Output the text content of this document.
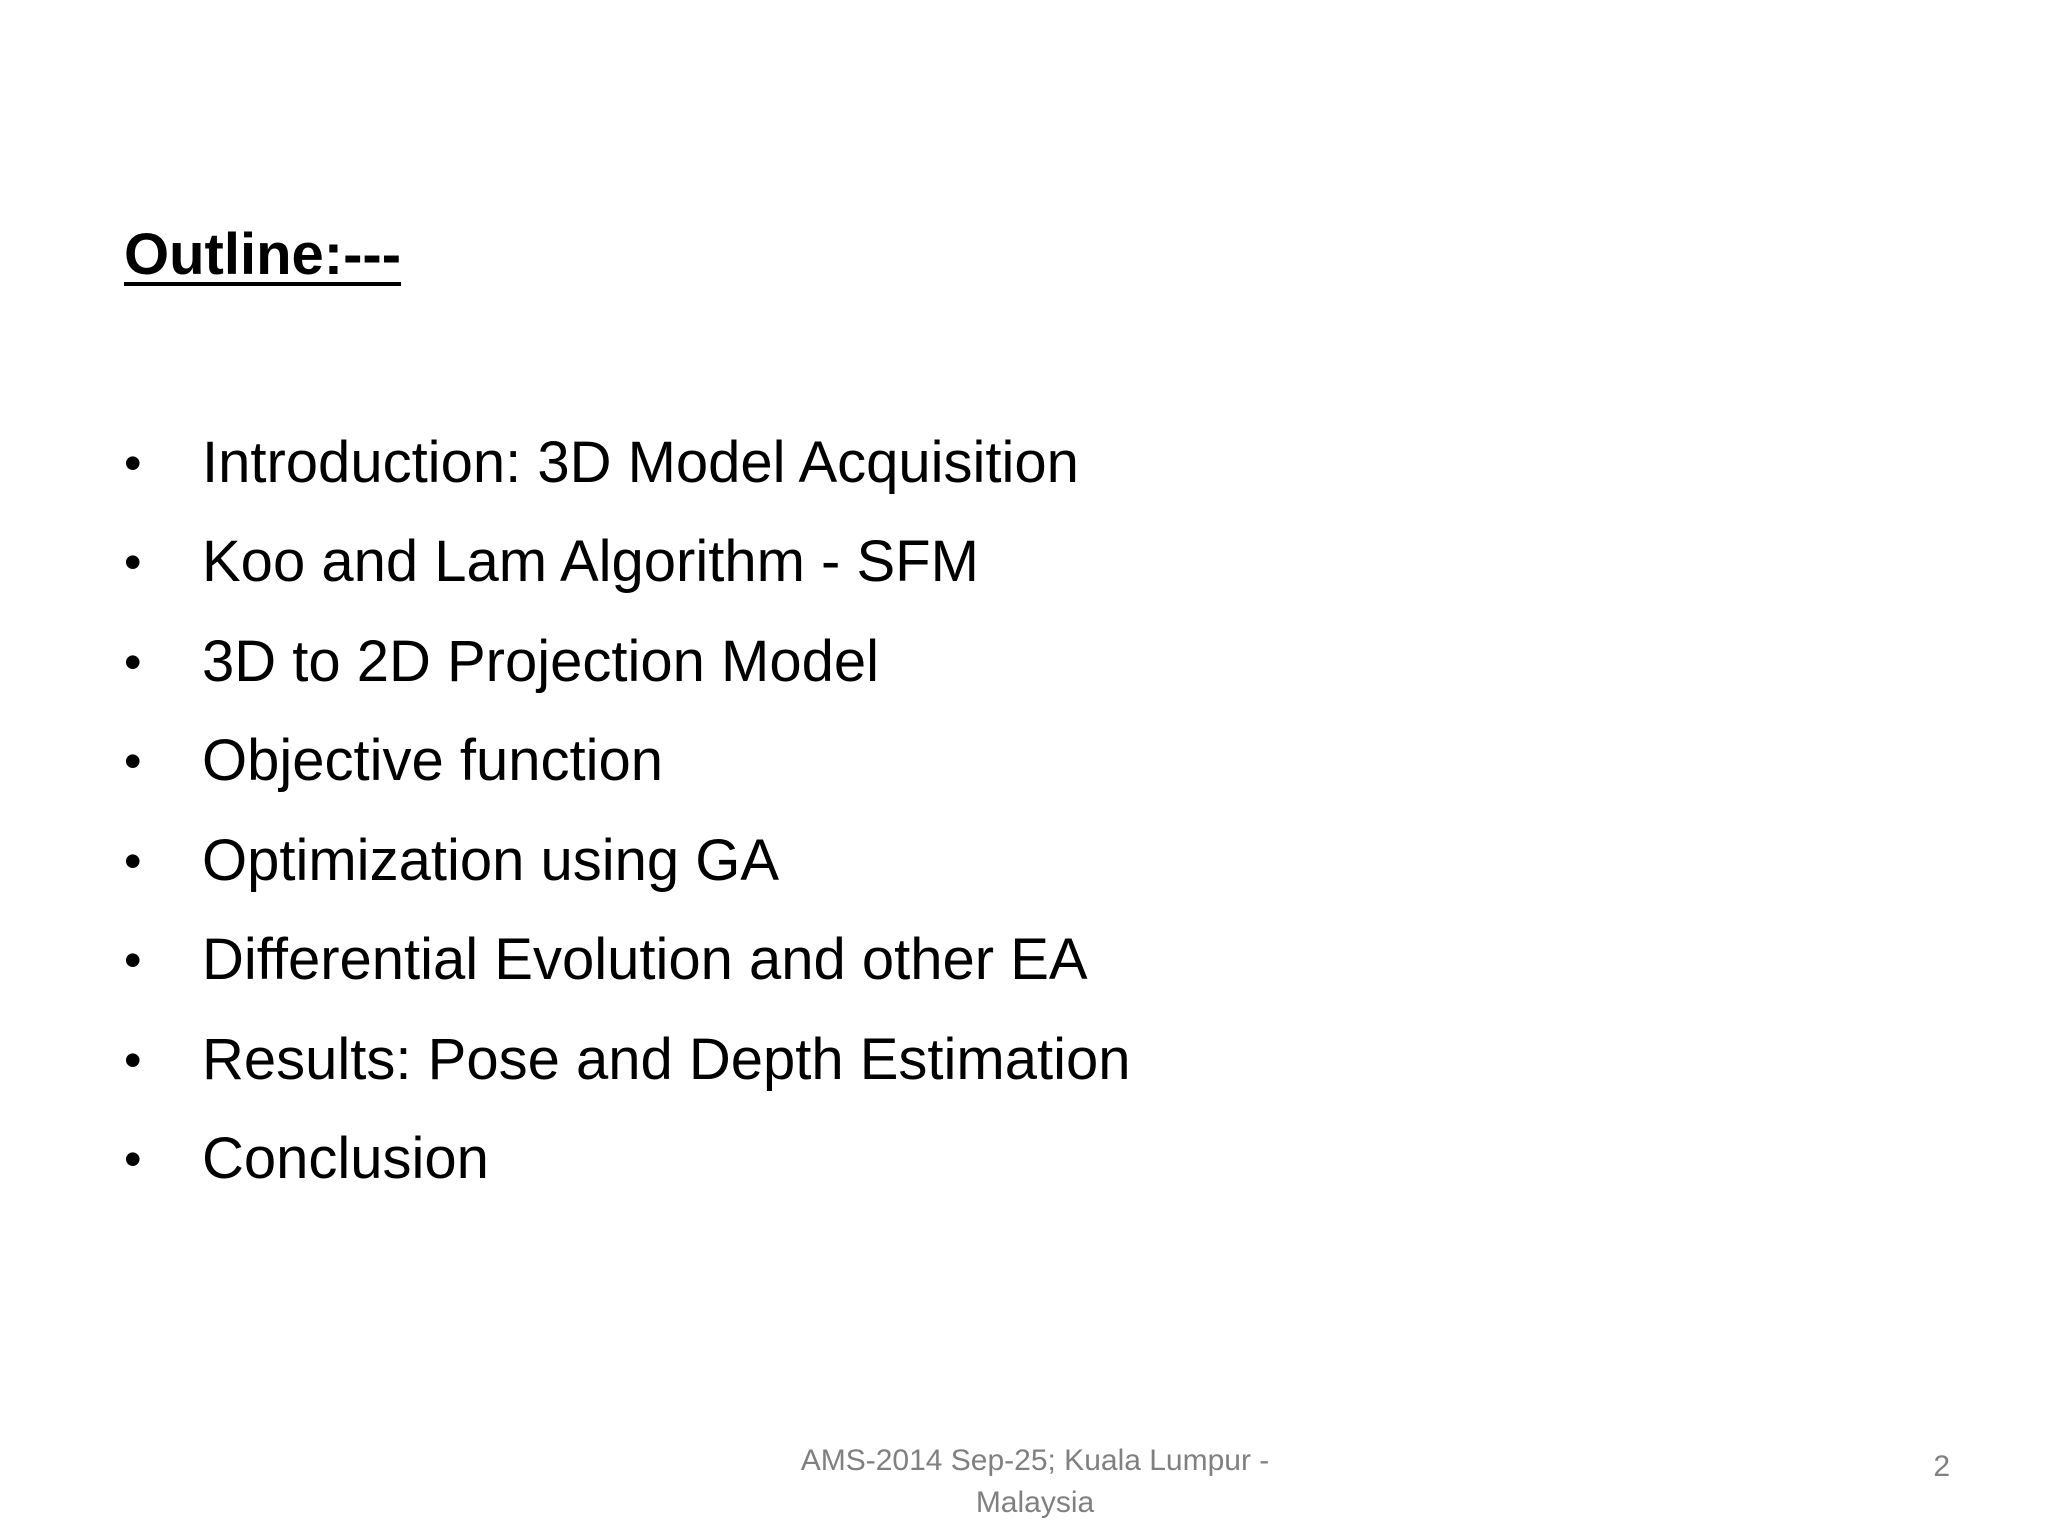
Outline:---
•	Introduction: 3D Model Acquisition
•	Koo and Lam Algorithm - SFM
•	3D to 2D Projection Model
•	Objective function
•	Optimization using GA
•	Differential Evolution and other EA
•	Results: Pose and Depth Estimation
•	Conclusion
AMS-2014 Sep-25; Kuala Lumpur -
Malaysia
2
